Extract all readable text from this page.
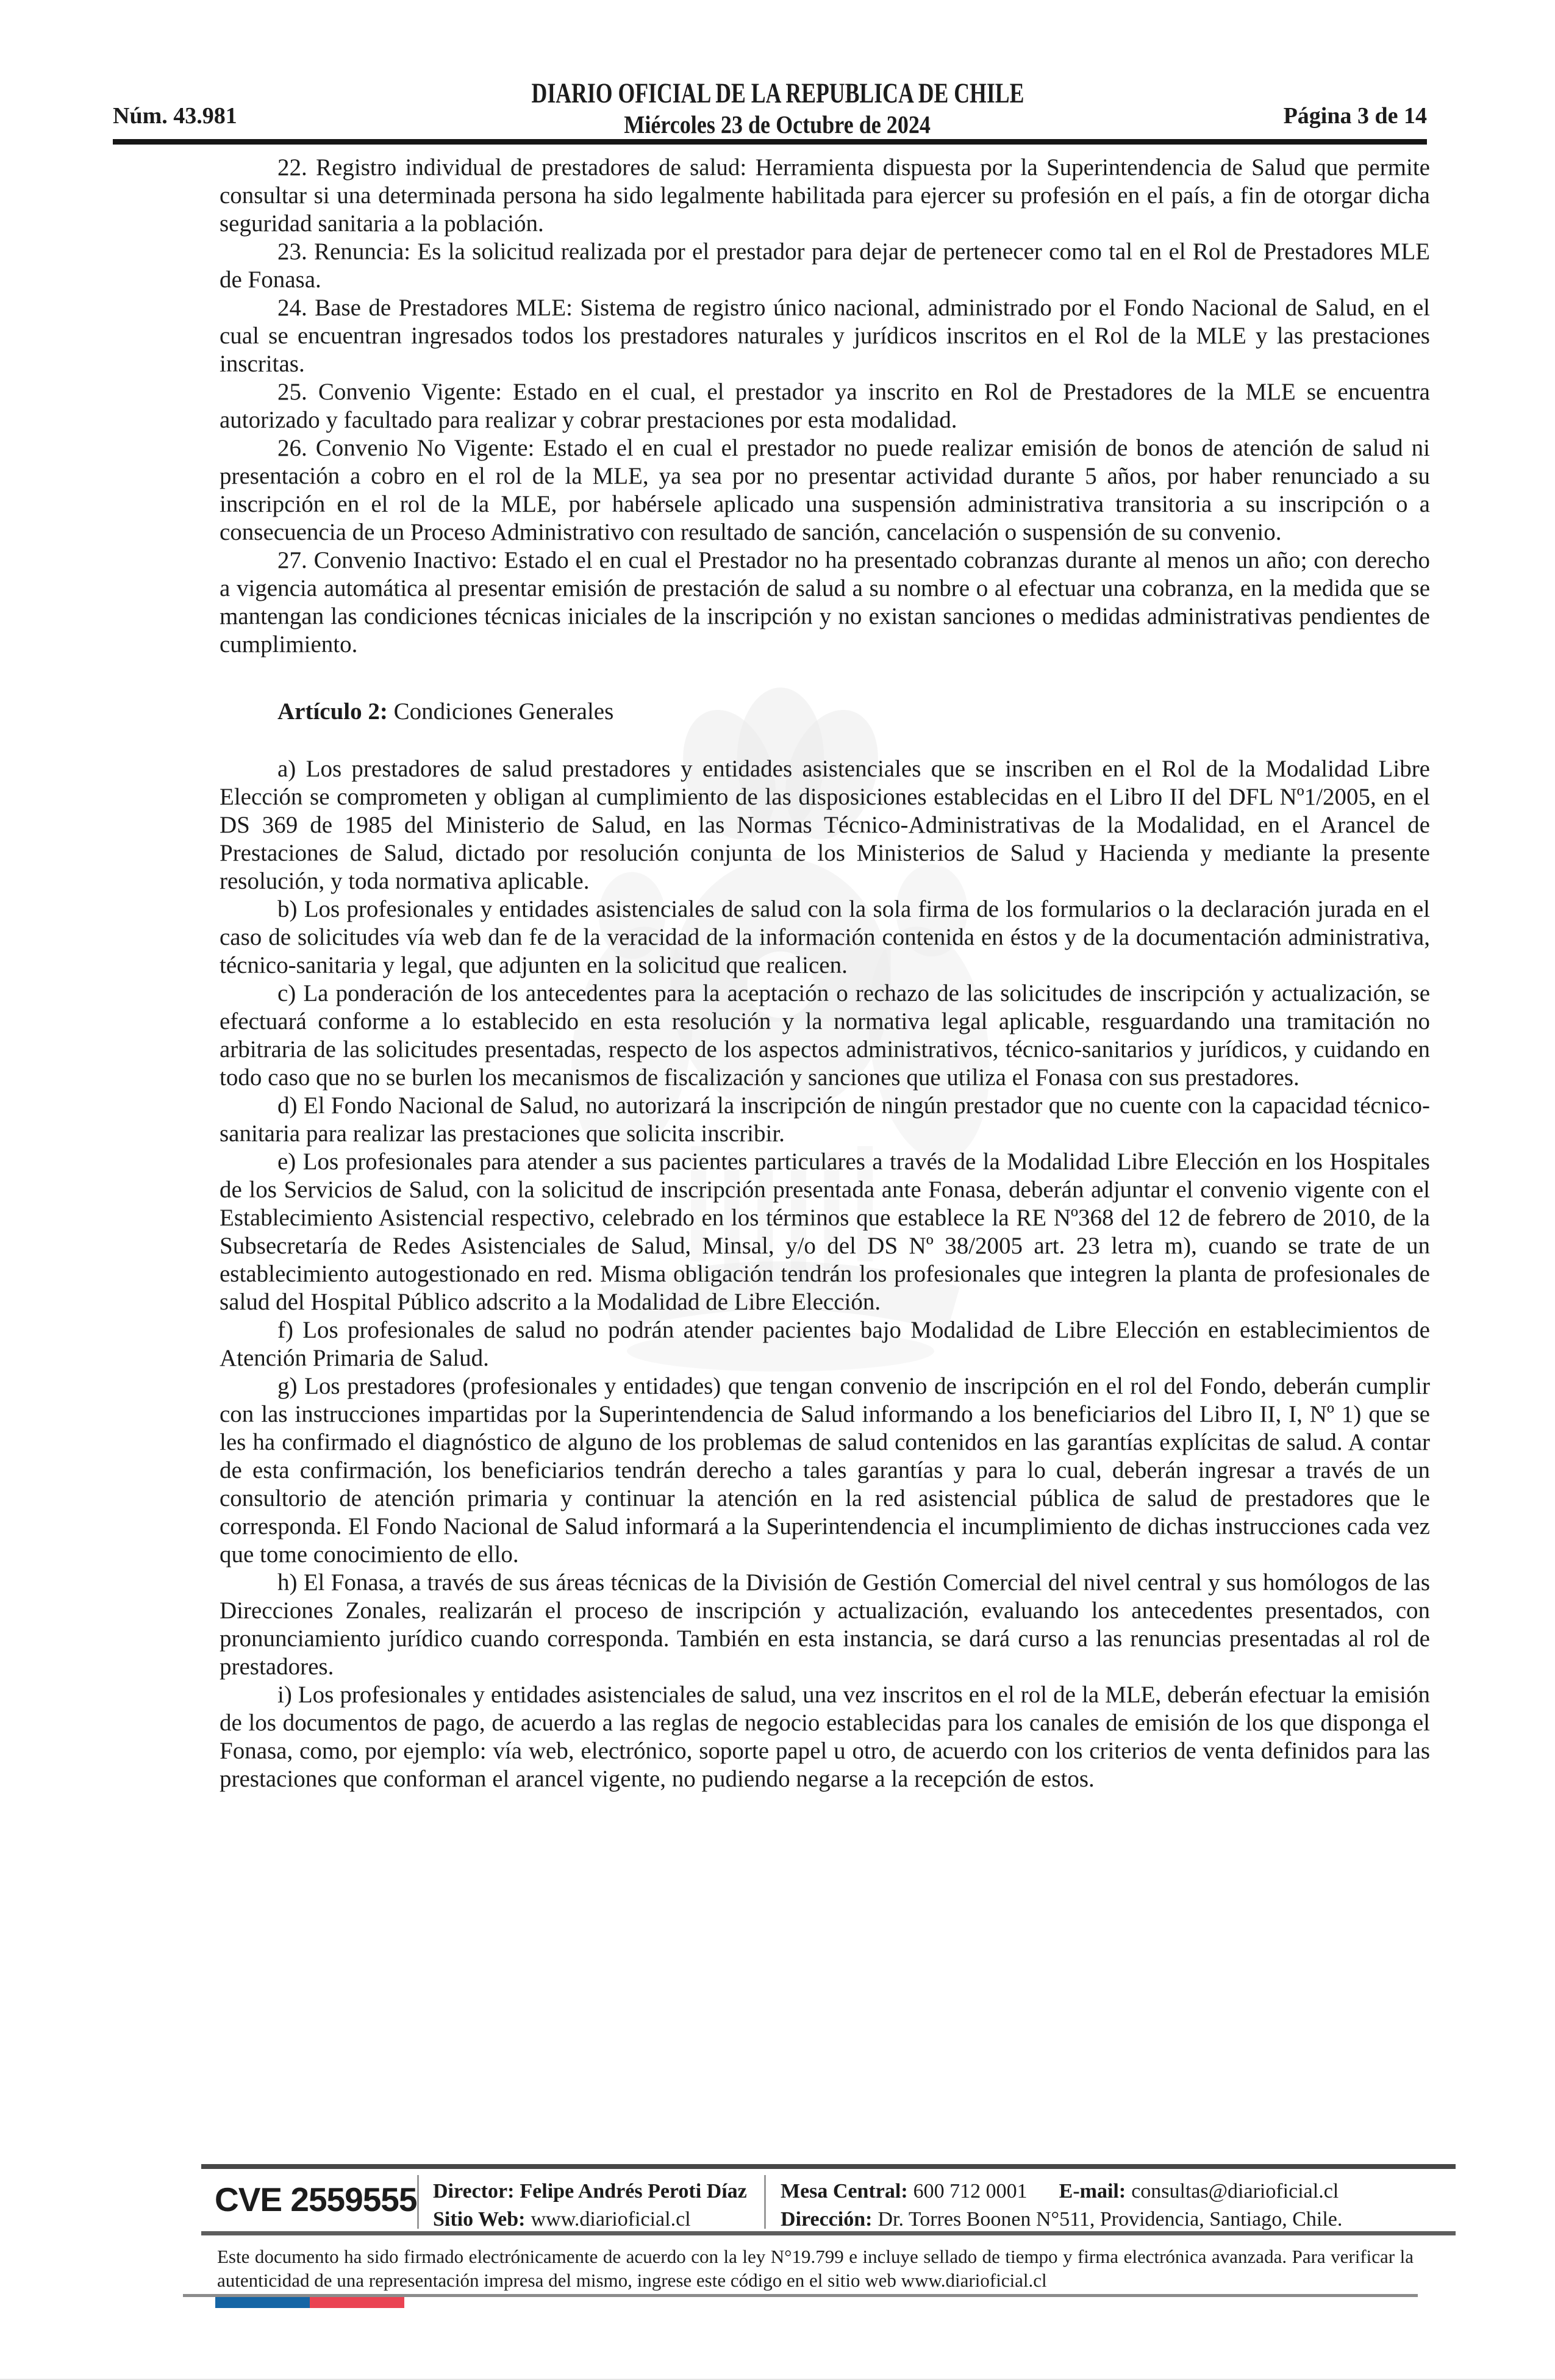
Núm. 43.981
DIARIO OFICIAL DE LA REPUBLICA DE CHILE
Miércoles 23 de Octubre de 2024	Página 3 de 14

22. Registro individual de prestadores de salud: Herramienta dispuesta por la Superintendencia de Salud que permite consultar si una determinada persona ha sido legalmente habilitada para ejercer su profesión en el país, a fin de otorgar dicha seguridad sanitaria a la población.

23. Renuncia: Es la solicitud realizada por el prestador para dejar de pertenecer como tal en el Rol de Prestadores MLE de Fonasa.

24. Base de Prestadores MLE: Sistema de registro único nacional, administrado por el Fondo Nacional de Salud, en el cual se encuentran ingresados todos los prestadores naturales y jurídicos inscritos en el Rol de la MLE y las prestaciones inscritas.

25. Convenio Vigente: Estado en el cual, el prestador ya inscrito en Rol de Prestadores de la MLE se encuentra autorizado y facultado para realizar y cobrar prestaciones por esta modalidad.

26. Convenio No Vigente: Estado el en cual el prestador no puede realizar emisión de bonos de atención de salud ni presentación a cobro en el rol de la MLE, ya sea por no presentar actividad durante 5 años, por haber renunciado a su inscripción en el rol de la MLE, por habérsele aplicado una suspensión administrativa transitoria a su inscripción o a consecuencia de un Proceso Administrativo con resultado de sanción, cancelación o suspensión de su convenio.

27. Convenio Inactivo: Estado el en cual el Prestador no ha presentado cobranzas durante al menos un año; con derecho a vigencia automática al presentar emisión de prestación de salud a su nombre o al efectuar una cobranza, en la medida que se mantengan las condiciones técnicas iniciales de la inscripción y no existan sanciones o medidas administrativas pendientes de cumplimiento.

Artículo 2: Condiciones Generales

a) Los prestadores de salud prestadores y entidades asistenciales que se inscriben en el Rol de la Modalidad Libre Elección se comprometen y obligan al cumplimiento de las disposiciones establecidas en el Libro II del DFL Nº1/2005, en el DS 369 de 1985 del Ministerio de Salud, en las Normas Técnico-Administrativas de la Modalidad, en el Arancel de Prestaciones de Salud, dictado por resolución conjunta de los Ministerios de Salud y Hacienda y mediante la presente resolución, y toda normativa aplicable.

b) Los profesionales y entidades asistenciales de salud con la sola firma de los formularios o la declaración jurada en el caso de solicitudes vía web dan fe de la veracidad de la información contenida en éstos y de la documentación administrativa, técnico-sanitaria y legal, que adjunten en la solicitud que realicen.

c) La ponderación de los antecedentes para la aceptación o rechazo de las solicitudes de inscripción y actualización, se efectuará conforme a lo establecido en esta resolución y la normativa legal aplicable, resguardando una tramitación no arbitraria de las solicitudes presentadas, respecto de los aspectos administrativos, técnico-sanitarios y jurídicos, y cuidando en todo caso que no se burlen los mecanismos de fiscalización y sanciones que utiliza el Fonasa con sus prestadores.

d) El Fondo Nacional de Salud, no autorizará la inscripción de ningún prestador que no cuente con la capacidad técnico-sanitaria para realizar las prestaciones que solicita inscribir.

e) Los profesionales para atender a sus pacientes particulares a través de la Modalidad Libre Elección en los Hospitales de los Servicios de Salud, con la solicitud de inscripción presentada ante Fonasa, deberán adjuntar el convenio vigente con el Establecimiento Asistencial respectivo, celebrado en los términos que establece la RE Nº368 del 12 de febrero de 2010, de la Subsecretaría de Redes Asistenciales de Salud, Minsal, y/o del DS Nº 38/2005 art. 23 letra m), cuando se trate de un establecimiento autogestionado en red. Misma obligación tendrán los profesionales que integren la planta de profesionales de salud del Hospital Público adscrito a la Modalidad de Libre Elección.

f) Los profesionales de salud no podrán atender pacientes bajo Modalidad de Libre Elección en establecimientos de Atención Primaria de Salud.

g) Los prestadores (profesionales y entidades) que tengan convenio de inscripción en el rol del Fondo, deberán cumplir con las instrucciones impartidas por la Superintendencia de Salud informando a los beneficiarios del Libro II, I, Nº 1) que se les ha confirmado el diagnóstico de alguno de los problemas de salud contenidos en las garantías explícitas de salud. A contar de esta confirmación, los beneficiarios tendrán derecho a tales garantías y para lo cual, deberán ingresar a través de un consultorio de atención primaria y continuar la atención en la red asistencial pública de salud de prestadores que le corresponda. El Fondo Nacional de Salud informará a la Superintendencia el incumplimiento de dichas instrucciones cada vez que tome conocimiento de ello.

h) El Fonasa, a través de sus áreas técnicas de la División de Gestión Comercial del nivel central y sus homólogos de las Direcciones Zonales, realizarán el proceso de inscripción y actualización, evaluando los antecedentes presentados, con pronunciamiento jurídico cuando corresponda. También en esta instancia, se dará curso a las renuncias presentadas al rol de prestadores.

i) Los profesionales y entidades asistenciales de salud, una vez inscritos en el rol de la MLE, deberán efectuar la emisión de los documentos de pago, de acuerdo a las reglas de negocio establecidas para los canales de emisión de los que disponga el Fonasa, como, por ejemplo: vía web, electrónico, soporte papel u otro, de acuerdo con los criterios de venta definidos para las prestaciones que conforman el arancel vigente, no pudiendo negarse a la recepción de estos.

CVE 2559555 Director: Felipe Andrés Peroti Díaz
Sitio Web: www.diarioficial.cl
Mesa Central: 600 712 0001 E-mail: consultas@diarioficial.cl
Dirección: Dr. Torres Boonen N°511, Providencia, Santiago, Chile.
Este documento ha sido firmado electrónicamente de acuerdo con la ley N°19.799 e incluye sellado de tiempo y firma electrónica avanzada. Para verificar la autenticidad de una representación impresa del mismo, ingrese este código en el sitio web www.diarioficial.cl
